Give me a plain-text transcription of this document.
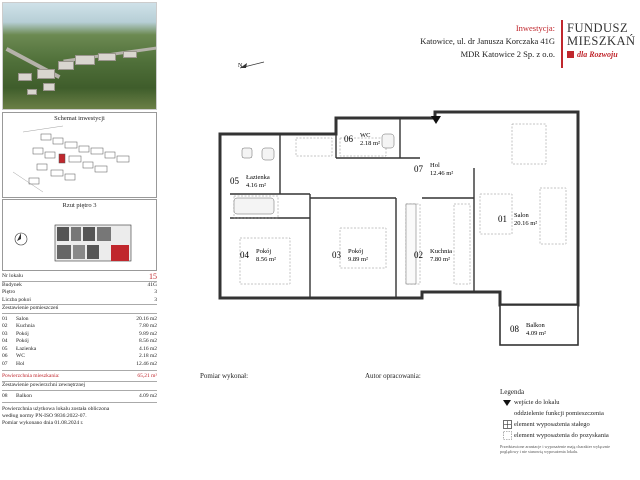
Schemat inwestycji
Rzut piętro 3
Nr lokalu	15
Budynek	41G
Piętro	3
Liczba pokoi	3
Zestawienie pomieszczeń
01	Salon	20.16 m2
02	Kuchnia	7.80 m2
03	Pokój	9.89 m2
04	Pokój	8.56 m2
05	Łazienka	4.16 m2
06	WC	2.18 m2
07	Hol	12.46 m2
Powierzchnia mieszkania:	65,21 m²
Zestawienie powierzchni zewnętrznej
08	Balkon	4.09 m2
Powierzchnia użytkowa lokalu została obliczona
według normy PN-ISO 9836:2022-07.
Pomiar wykonano dnia 01.08.2024 r.
Inwestycja:
Katowice, ul. dr Janusza Korczaka 41G
MDR Katowice 2 Sp. z o.o.
FUNDUSZ
MIESZKAŃ
dla Rozwoju
N
01 Salon
20.16 m²
02 Kuchnia
7.80 m²
03 Pokój
9.89 m²
04 Pokój
8.56 m²
05 Łazienka
4.16 m²
06 WC
2.18 m²
07 Hol
12.46 m²
08 Balkon
4.09 m²
Pomiar wykonał:	Autor opracowania:
Legenda
wejście do lokalu
oddzielenie funkcji pomieszczenia
element wyposażenia stałego
element wyposażenia do pozyskania
Przedstawione aranżacje i wyposażenie mają charakter wyłącznie
poglądowy i nie stanowią wyposażenia lokalu.
